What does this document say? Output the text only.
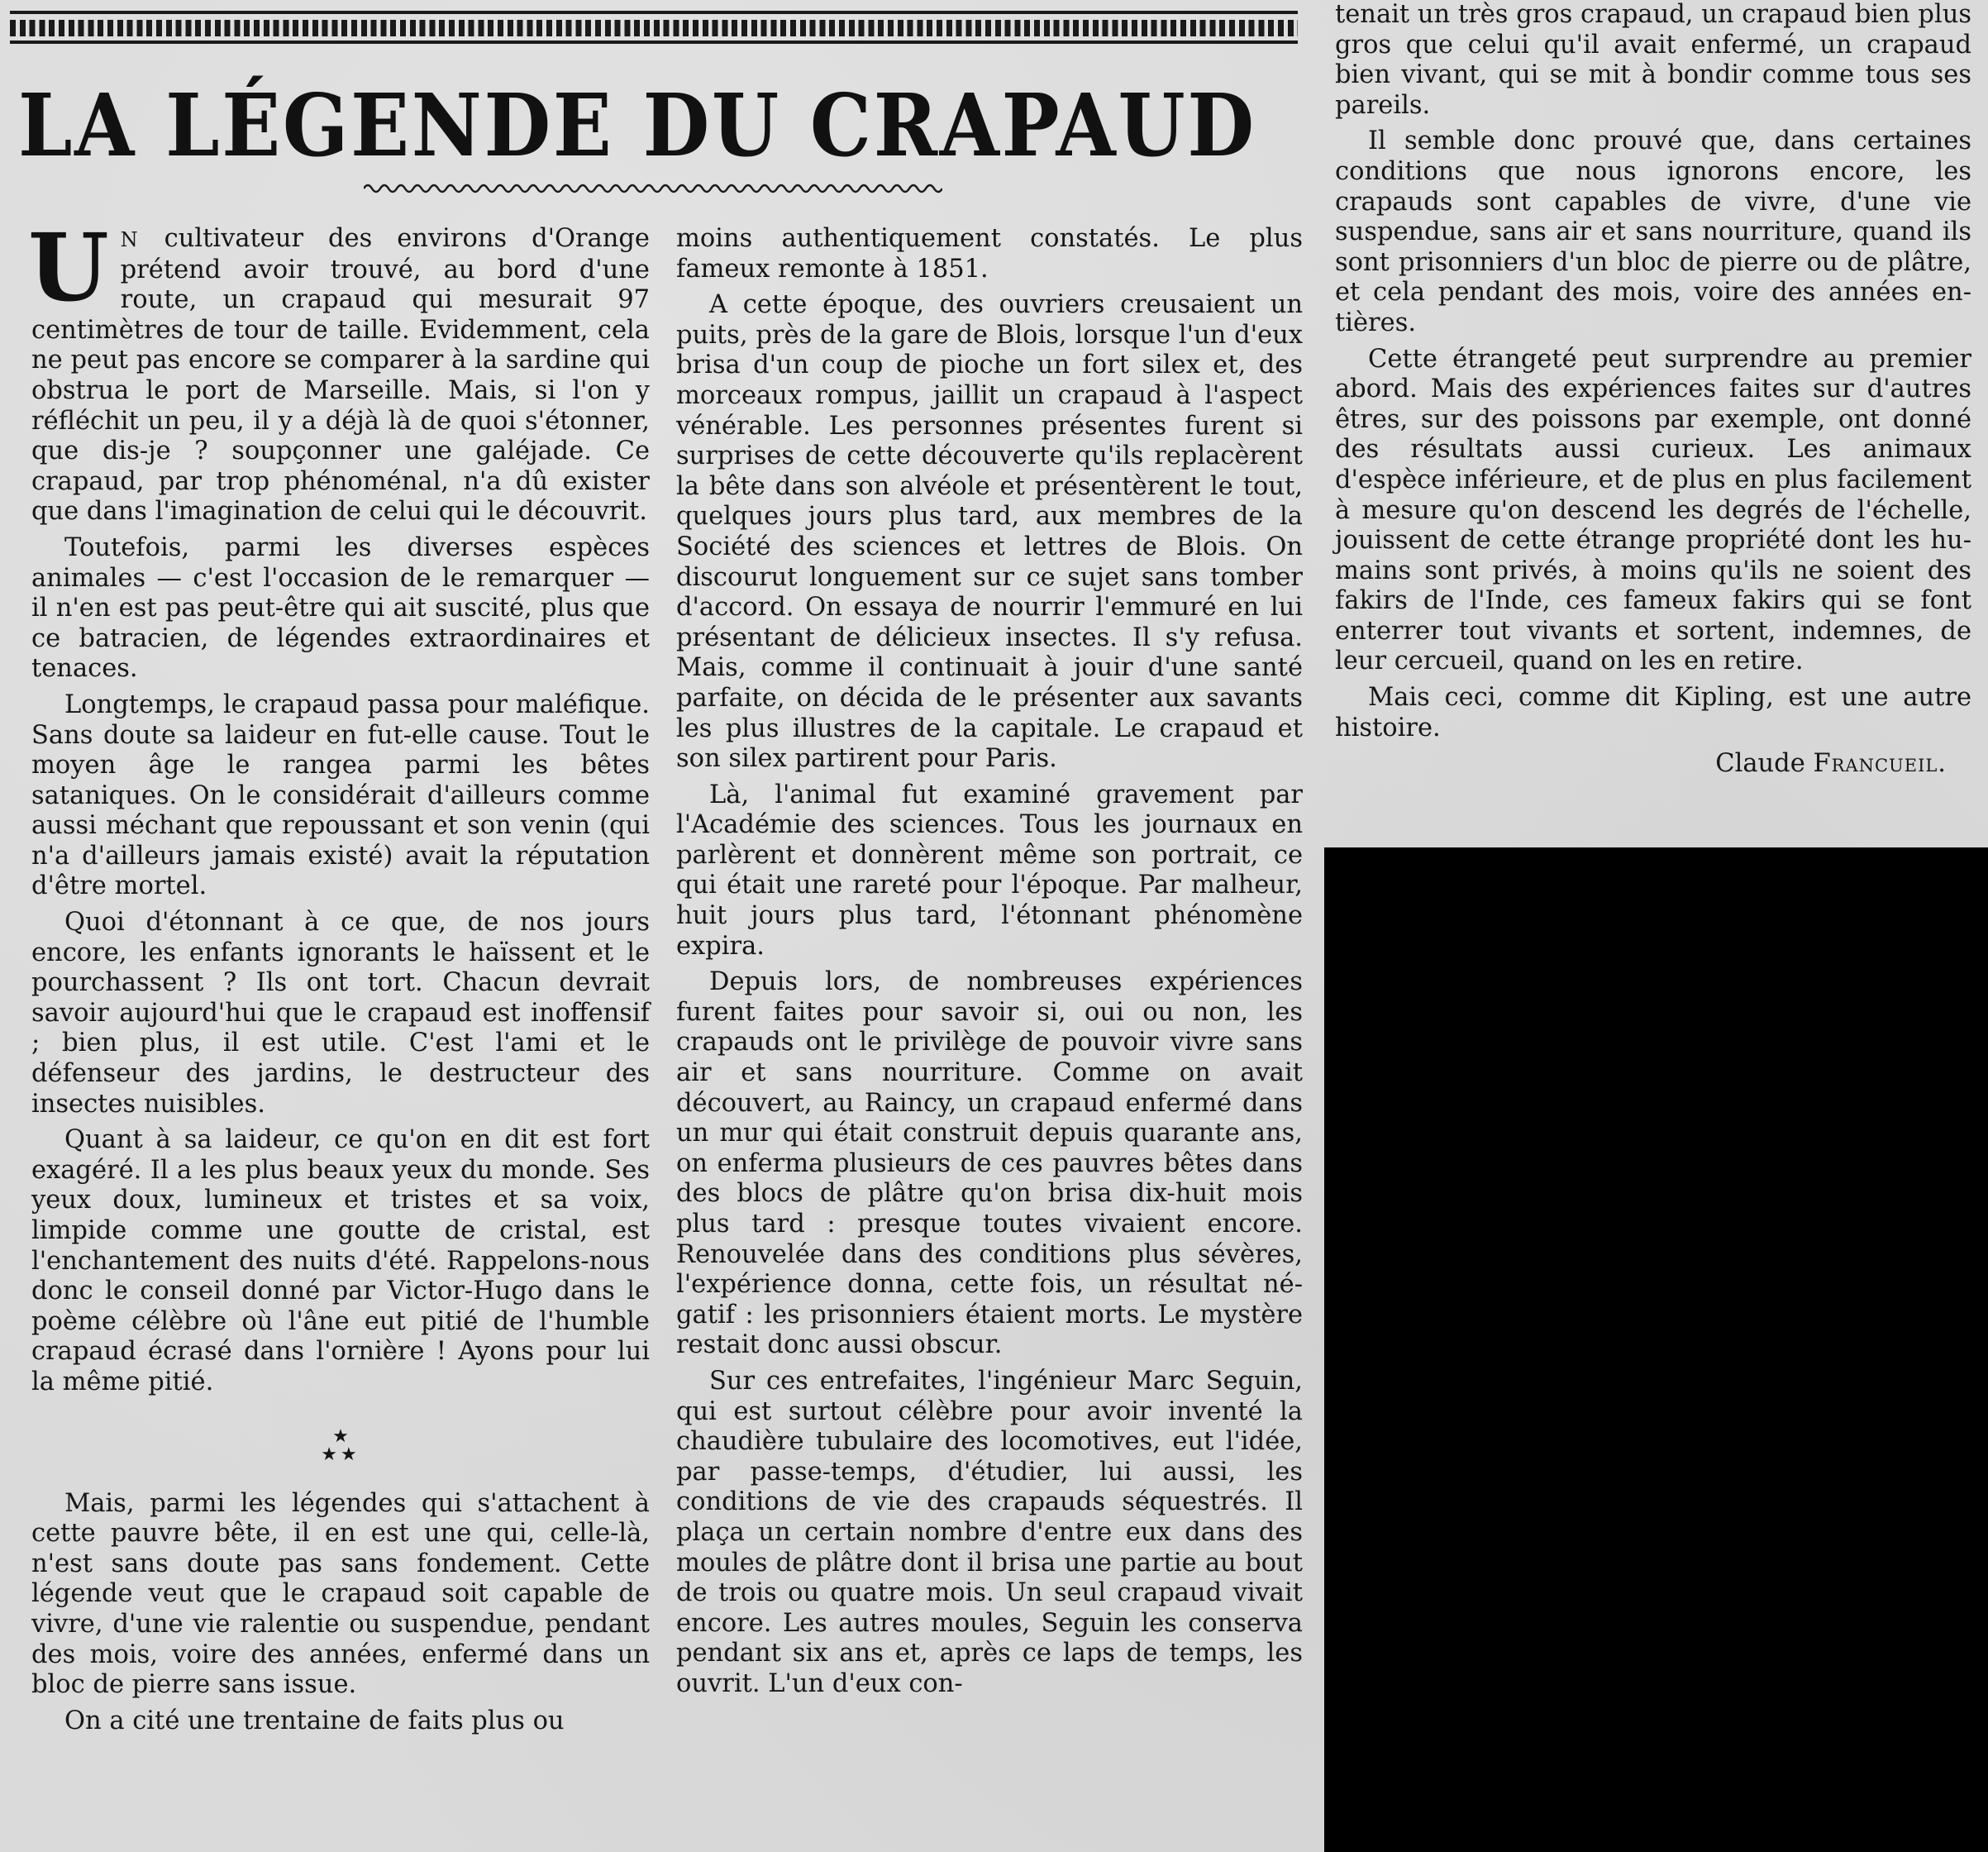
LA LÉGENDE DU CRAPAUD

U N cultivateur des environs d'Orange prétend avoir trouvé, au bord d'une route, un crapaud qui mesurait 97 centimètres de tour de taille. Evidemment, cela ne peut pas encore se comparer à la sardine qui obstrua le port de Marseille. Mais, si l'on y réfléchit un peu, il y a déjà là de quoi s'étonner, que dis-je ? soupçonner une galéjade. Ce crapaud, par trop phénoménal, n'a dû exister que dans l'imagination de celui qui le découvrit.

Toutefois, parmi les diverses espèces animales — c'est l'occasion de le remarquer — il n'en est pas peut-être qui ait suscité, plus que ce batracien, de légendes extraordinaires et tenaces.

Longtemps, le crapaud passa pour maléfique. Sans doute sa laideur en fut-elle cause. Tout le moyen âge le rangea parmi les bêtes sataniques. On le considérait d'ailleurs comme aussi méchant que repoussant et son venin (qui n'a d'ailleurs jamais existé) avait la réputation d'être mortel.

Quoi d'étonnant à ce que, de nos jours encore, les enfants ignorants le haïssent et le pourchassent ? Ils ont tort. Chacun devrait savoir aujourd'hui que le crapaud est inoffensif ; bien plus, il est utile. C'est l'ami et le défenseur des jardins, le destructeur des insectes nuisibles.

Quant à sa laideur, ce qu'on en dit est fort exagéré. Il a les plus beaux yeux du monde. Ses yeux doux, lumineux et tristes et sa voix, limpide comme une goutte de cristal, est l'enchantement des nuits d'été. Rappelons-nous donc le conseil donné par Victor-Hugo dans le poème célèbre où l'âne eut pitié de l'humble crapaud écrasé dans l'ornière ! Ayons pour lui la même pitié.

★
★★

Mais, parmi les légendes qui s'attachent à cette pauvre bête, il en est une qui, celle-là, n'est sans doute pas sans fondement. Cette légende veut que le crapaud soit capable de vivre, d'une vie ralentie ou suspendue, pendant des mois, voire des années, enfermé dans un bloc de pierre sans issue.

On a cité une trentaine de faits plus ou

moins authentiquement constatés. Le plus fameux remonte à 1851.

A cette époque, des ouvriers creusaient un puits, près de la gare de Blois, lorsque l'un d'eux brisa d'un coup de pioche un fort silex et, des morceaux rompus, jaillit un crapaud à l'aspect vénérable. Les personnes présentes furent si surprises de cette découverte qu'ils replacèrent la bête dans son alvéole et présentèrent le tout, quelques jours plus tard, aux membres de la Société des sciences et lettres de Blois. On discourut longuement sur ce sujet sans tomber d'accord. On essaya de nourrir l'emmuré en lui présentant de délicieux insectes. Il s'y refusa. Mais, comme il continuait à jouir d'une santé parfaite, on décida de le présenter aux savants les plus illustres de la capitale. Le crapaud et son silex partirent pour Paris.

Là, l'animal fut examiné gravement par l'Académie des sciences. Tous les journaux en parlèrent et donnèrent même son portrait, ce qui était une rareté pour l'époque. Par malheur, huit jours plus tard, l'étonnant phénomène expira.

Depuis lors, de nombreuses expériences furent faites pour savoir si, oui ou non, les crapauds ont le privilège de pouvoir vivre sans air et sans nourriture. Comme on avait découvert, au Raincy, un crapaud enfermé dans un mur qui était construit depuis quarante ans, on enferma plusieurs de ces pauvres bêtes dans des blocs de plâtre qu'on brisa dix-huit mois plus tard : presque toutes vivaient encore. Renouvelée dans des conditions plus sévères, l'expérience donna, cette fois, un résultat négatif : les prisonniers étaient morts. Le mystère restait donc aussi obscur.

Sur ces entrefaites, l'ingénieur Marc Seguin, qui est surtout célèbre pour avoir inventé la chaudière tubulaire des locomotives, eut l'idée, par passe-temps, d'étudier, lui aussi, les conditions de vie des crapauds séquestrés. Il plaça un certain nombre d'entre eux dans des moules de plâtre dont il brisa une partie au bout de trois ou quatre mois. Un seul crapaud vivait encore. Les autres moules, Seguin les conserva pendant six ans et, après ce laps de temps, les ouvrit. L'un d'eux con-

tenait un très gros crapaud, un crapaud bien plus gros que celui qu'il avait enfermé, un crapaud bien vivant, qui se mit à bondir comme tous ses pareils.

Il semble donc prouvé que, dans certaines conditions que nous ignorons encore, les crapauds sont capables de vivre, d'une vie suspendue, sans air et sans nourriture, quand ils sont prisonniers d'un bloc de pierre ou de plâtre, et cela pendant des mois, voire des années entières.

Cette étrangeté peut surprendre au premier abord. Mais des expériences faites sur d'autres êtres, sur des poissons par exemple, ont donné des résultats aussi curieux. Les animaux d'espèce inférieure, et de plus en plus facilement à mesure qu'on descend les degrés de l'échelle, jouissent de cette étrange propriété dont les humains sont privés, à moins qu'ils ne soient des fakirs de l'Inde, ces fameux fakirs qui se font enterrer tout vivants et sortent, indemnes, de leur cercueil, quand on les en retire.

Mais ceci, comme dit Kipling, est une autre histoire.

Claude Francueil.
